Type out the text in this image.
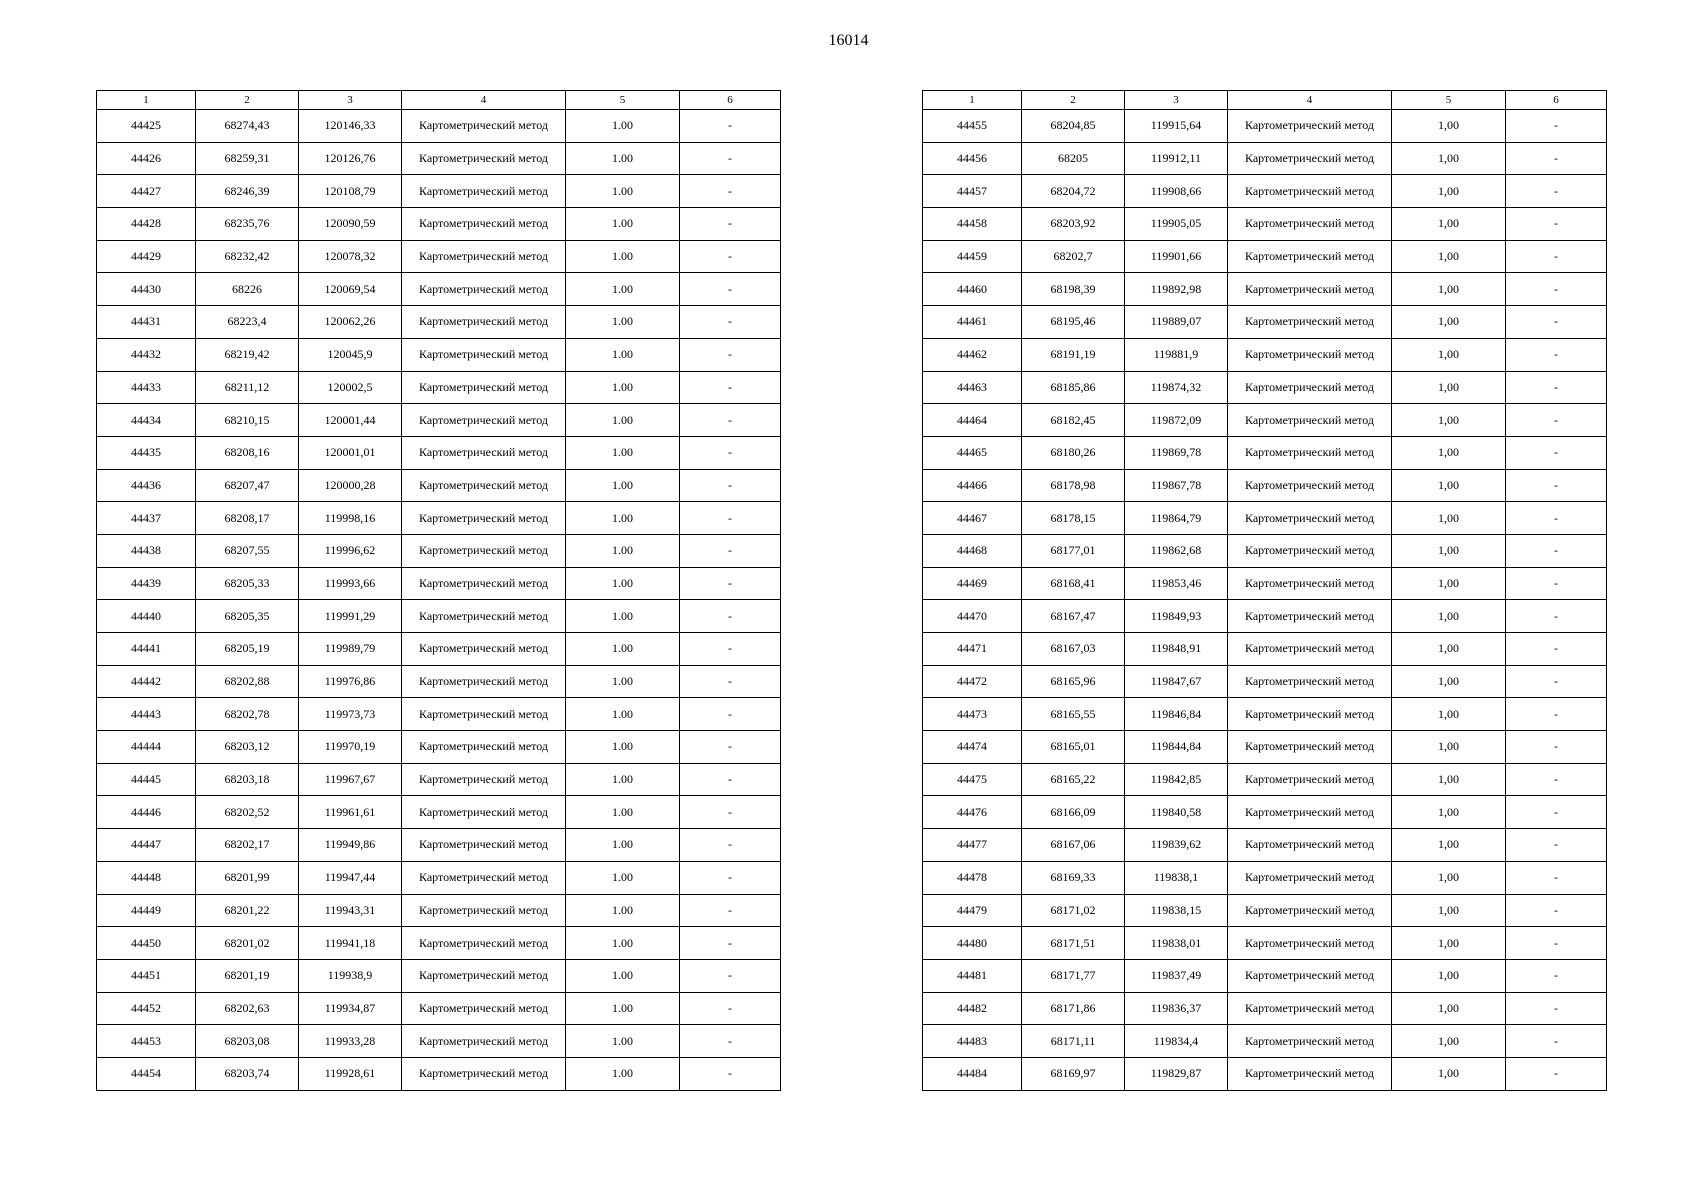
16014
1	2	3	4	5	6
44425	68274,43	120146,33	Картометрический метод	1.00	-
44426	68259,31	120126,76	Картометрический метод	1.00	-
44427	68246,39	120108,79	Картометрический метод	1.00	-
44428	68235,76	120090,59	Картометрический метод	1.00	-
44429	68232,42	120078,32	Картометрический метод	1.00	-
44430	68226	120069,54	Картометрический метод	1.00	-
44431	68223,4	120062,26	Картометрический метод	1.00	-
44432	68219,42	120045,9	Картометрический метод	1.00	-
44433	68211,12	120002,5	Картометрический метод	1.00	-
44434	68210,15	120001,44	Картометрический метод	1.00	-
44435	68208,16	120001,01	Картометрический метод	1.00	-
44436	68207,47	120000,28	Картометрический метод	1.00	-
44437	68208,17	119998,16	Картометрический метод	1.00	-
44438	68207,55	119996,62	Картометрический метод	1.00	-
44439	68205,33	119993,66	Картометрический метод	1.00	-
44440	68205,35	119991,29	Картометрический метод	1.00	-
44441	68205,19	119989,79	Картометрический метод	1.00	-
44442	68202,88	119976,86	Картометрический метод	1.00	-
44443	68202,78	119973,73	Картометрический метод	1.00	-
44444	68203,12	119970,19	Картометрический метод	1.00	-
44445	68203,18	119967,67	Картометрический метод	1.00	-
44446	68202,52	119961,61	Картометрический метод	1.00	-
44447	68202,17	119949,86	Картометрический метод	1.00	-
44448	68201,99	119947,44	Картометрический метод	1.00	-
44449	68201,22	119943,31	Картометрический метод	1.00	-
44450	68201,02	119941,18	Картометрический метод	1.00	-
44451	68201,19	119938,9	Картометрический метод	1.00	-
44452	68202,63	119934,87	Картометрический метод	1.00	-
44453	68203,08	119933,28	Картометрический метод	1.00	-
44454	68203,74	119928,61	Картометрический метод	1.00	-
1	2	3	4	5	6
44455	68204,85	119915,64	Картометрический метод	1,00	-
44456	68205	119912,11	Картометрический метод	1,00	-
44457	68204,72	119908,66	Картометрический метод	1,00	-
44458	68203,92	119905,05	Картометрический метод	1,00	-
44459	68202,7	119901,66	Картометрический метод	1,00	-
44460	68198,39	119892,98	Картометрический метод	1,00	-
44461	68195,46	119889,07	Картометрический метод	1,00	-
44462	68191,19	119881,9	Картометрический метод	1,00	-
44463	68185,86	119874,32	Картометрический метод	1,00	-
44464	68182,45	119872,09	Картометрический метод	1,00	-
44465	68180,26	119869,78	Картометрический метод	1,00	-
44466	68178,98	119867,78	Картометрический метод	1,00	-
44467	68178,15	119864,79	Картометрический метод	1,00	-
44468	68177,01	119862,68	Картометрический метод	1,00	-
44469	68168,41	119853,46	Картометрический метод	1,00	-
44470	68167,47	119849,93	Картометрический метод	1,00	-
44471	68167,03	119848,91	Картометрический метод	1,00	-
44472	68165,96	119847,67	Картометрический метод	1,00	-
44473	68165,55	119846,84	Картометрический метод	1,00	-
44474	68165,01	119844,84	Картометрический метод	1,00	-
44475	68165,22	119842,85	Картометрический метод	1,00	-
44476	68166,09	119840,58	Картометрический метод	1,00	-
44477	68167,06	119839,62	Картометрический метод	1,00	-
44478	68169,33	119838,1	Картометрический метод	1,00	-
44479	68171,02	119838,15	Картометрический метод	1,00	-
44480	68171,51	119838,01	Картометрический метод	1,00	-
44481	68171,77	119837,49	Картометрический метод	1,00	-
44482	68171,86	119836,37	Картометрический метод	1,00	-
44483	68171,11	119834,4	Картометрический метод	1,00	-
44484	68169,97	119829,87	Картометрический метод	1,00	-
